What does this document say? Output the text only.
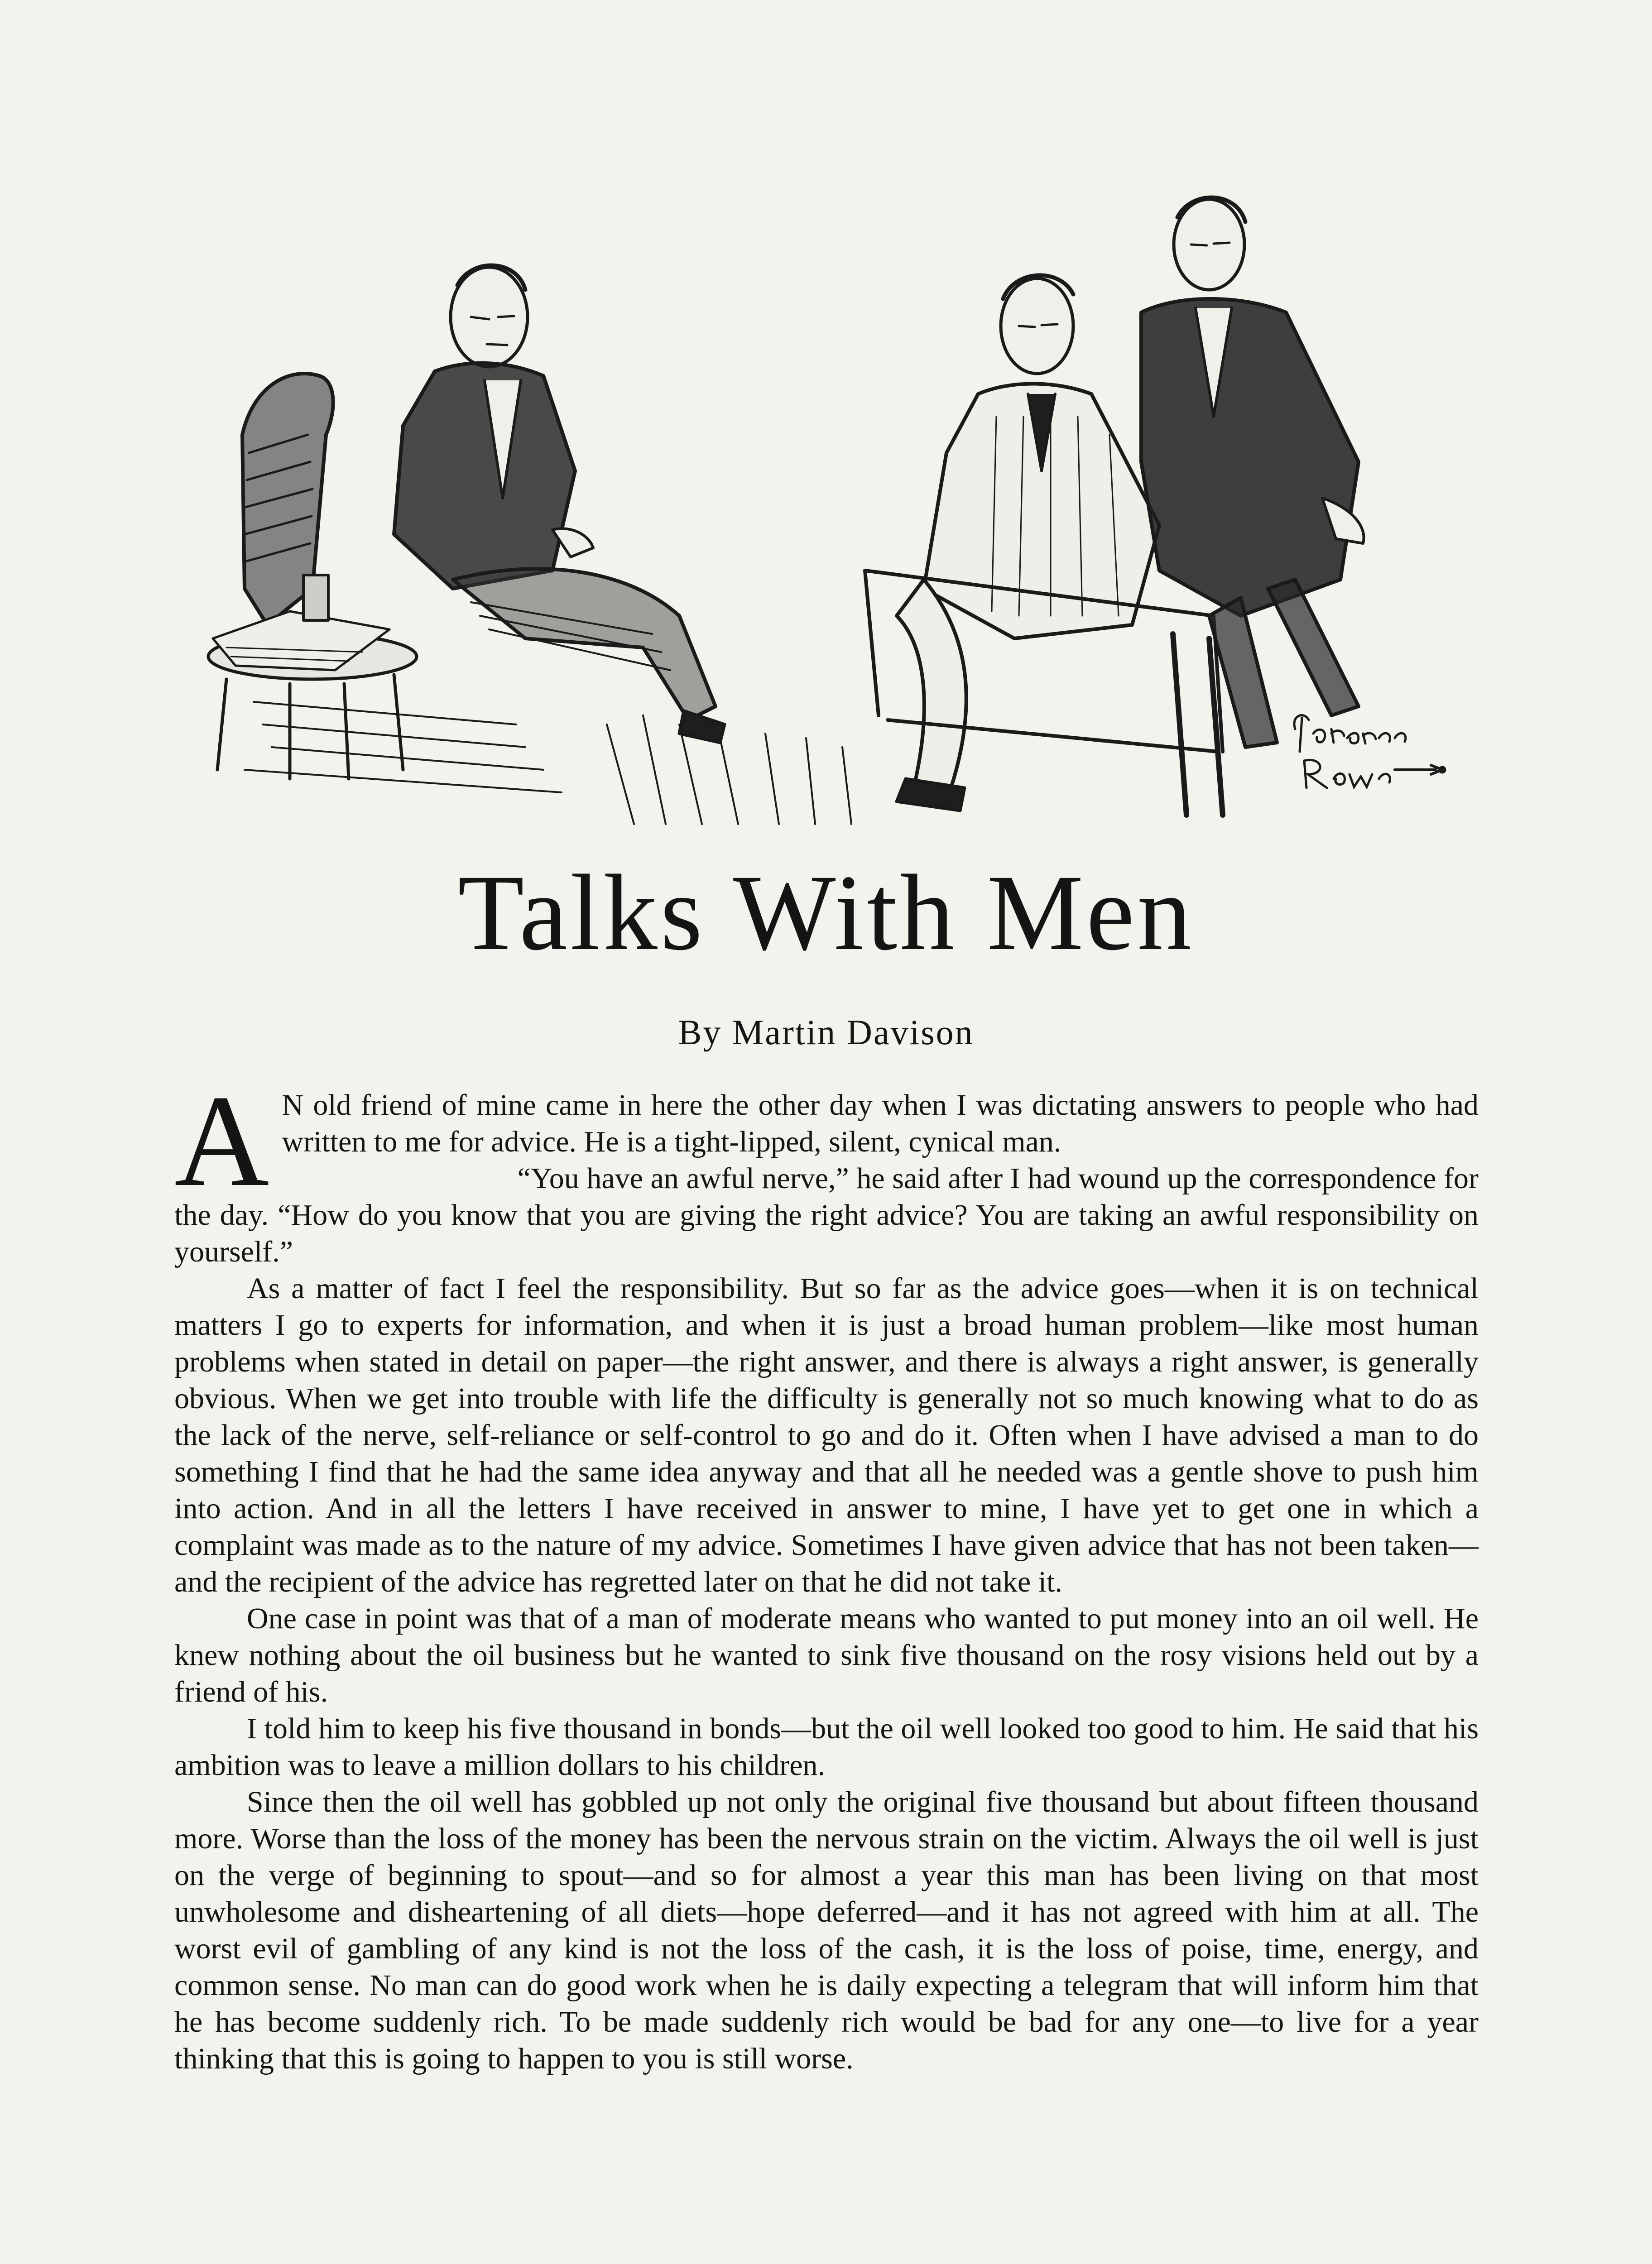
Talks With Men
By Martin Davison

A N old friend of mine came in here the other day when I was dictating answers to people who had written to me for advice. He is a tight-lipped, silent, cynical man.

“You have an awful nerve,” he said after I had wound up the correspondence for the day. “How do you know that you are giving the right advice? You are taking an awful responsibility on yourself.”

As a matter of fact I feel the responsibility. But so far as the advice goes—when it is on technical matters I go to experts for information, and when it is just a broad human problem—like most human problems when stated in detail on paper—the right answer, and there is always a right answer, is generally obvious. When we get into trouble with life the difficulty is generally not so much knowing what to do as the lack of the nerve, self-reliance or self-control to go and do it. Often when I have advised a man to do something I find that he had the same idea anyway and that all he needed was a gentle shove to push him into action. And in all the letters I have received in answer to mine, I have yet to get one in which a complaint was made as to the nature of my advice. Sometimes I have given advice that has not been taken—and the recipient of the advice has regretted later on that he did not take it.

One case in point was that of a man of moderate means who wanted to put money into an oil well. He knew nothing about the oil business but he wanted to sink five thousand on the rosy visions held out by a friend of his.

I told him to keep his five thousand in bonds—but the oil well looked too good to him. He said that his ambition was to leave a million dollars to his children.

Since then the oil well has gobbled up not only the original five thousand but about fifteen thousand more. Worse than the loss of the money has been the nervous strain on the victim. Always the oil well is just on the verge of beginning to spout—and so for almost a year this man has been living on that most unwholesome and disheartening of all diets—hope deferred—and it has not agreed with him at all. The worst evil of gambling of any kind is not the loss of the cash, it is the loss of poise, time, energy, and common sense. No man can do good work when he is daily expecting a telegram that will inform him that he has become suddenly rich. To be made suddenly rich would be bad for any one—to live for a year thinking that this is going to happen to you is still worse.
